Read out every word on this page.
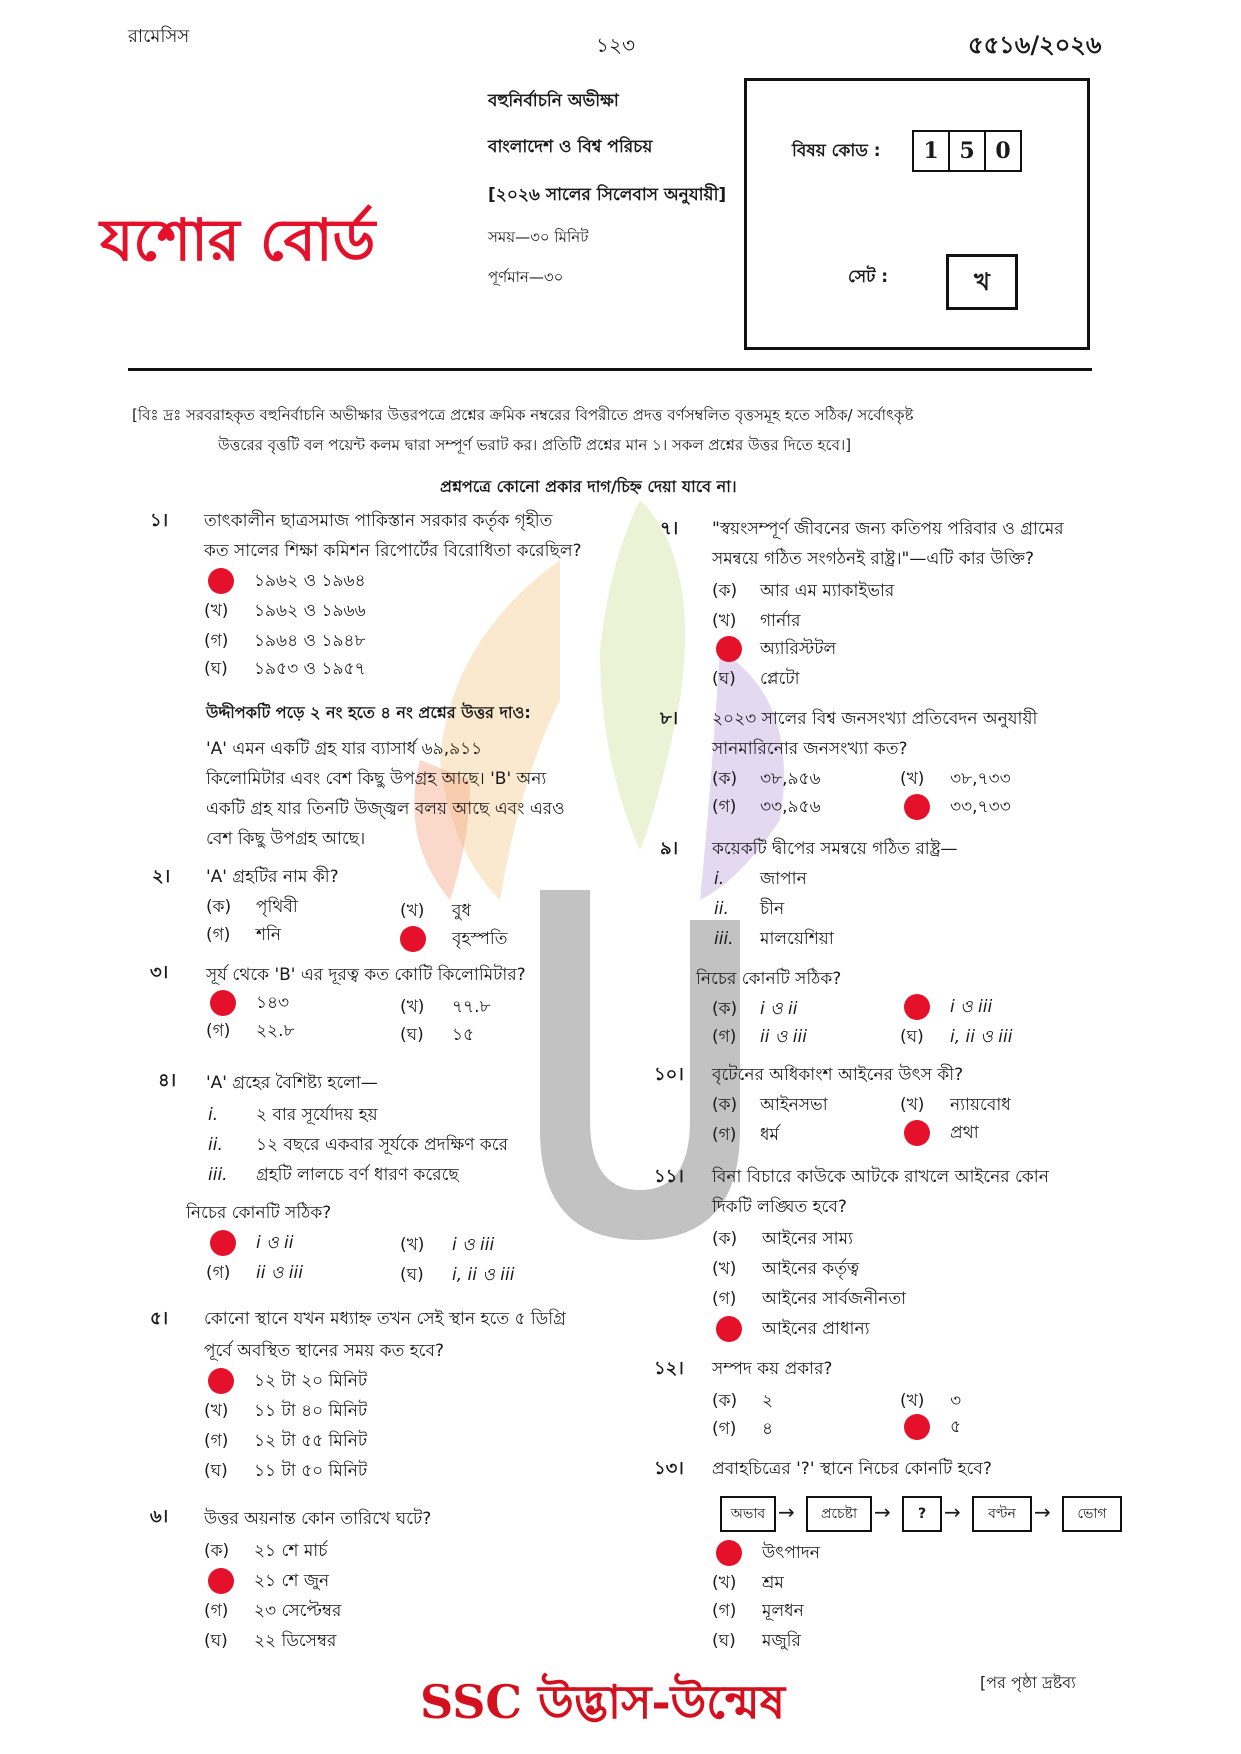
রামেসিস	১২৩	৫৫১৬/২০২৬
যশোর বোর্ড
বহুনির্বাচনি অভীক্ষা
বাংলাদেশ ও বিশ্ব পরিচয়
[২০২৬ সালের সিলেবাস অনুযায়ী]
সময়—৩০ মিনিট
পূর্ণমান—৩০
বিষয় কোড :	1 5 0
সেট :	খ
[বিঃ দ্রঃ সরবরাহকৃত বহুনির্বাচনি অভীক্ষার উত্তরপত্রে প্রশ্নের ক্রমিক নম্বরের বিপরীতে প্রদত্ত বর্ণসম্বলিত বৃত্তসমূহ হতে সঠিক/ সর্বোৎকৃষ্ট
উত্তরের বৃত্তটি বল পয়েন্ট কলম দ্বারা সম্পূর্ণ ভরাট কর। প্রতিটি প্রশ্নের মান ১। সকল প্রশ্নের উত্তর দিতে হবে।]
প্রশ্নপত্রে কোনো প্রকার দাগ/চিহ্ন দেয়া যাবে না।
১। তাৎকালীন ছাত্রসমাজ পাকিস্তান সরকার কর্তৃক গৃহীত
কত সালের শিক্ষা কমিশন রিপোর্টের বিরোধিতা করেছিল?
১৯৬২ ও ১৯৬৪
(খ) ১৯৬২ ও ১৯৬৬
(গ) ১৯৬৪ ও ১৯৪৮
(ঘ) ১৯৫৩ ও ১৯৫৭
উদ্দীপকটি পড়ে ২ নং হতে ৪ নং প্রশ্নের উত্তর দাও:
'A' এমন একটি গ্রহ যার ব্যাসার্ধ ৬৯,৯১১
কিলোমিটার এবং বেশ কিছু উপগ্রহ আছে। 'B' অন্য
একটি গ্রহ যার তিনটি উজ্জ্বল বলয় আছে এবং এরও
বেশ কিছু উপগ্রহ আছে।
২। 'A' গ্রহটির নাম কী?
(ক) পৃথিবী	(খ) বুধ
(গ) শনি	বৃহস্পতি
৩। সূর্য থেকে 'B' এর দূরত্ব কত কোটি কিলোমিটার?
১৪৩	(খ) ৭৭.৮
(গ) ২২.৮	(ঘ) ১৫
৪। 'A' গ্রহের বৈশিষ্ট্য হলো—
i. ২ বার সূর্যোদয় হয়
ii. ১২ বছরে একবার সূর্যকে প্রদক্ষিণ করে
iii. গ্রহটি লালচে বর্ণ ধারণ করেছে
নিচের কোনটি সঠিক?
i ও ii	(খ) i ও iii
(গ) ii ও iii	(ঘ) i, ii ও iii
৫। কোনো স্থানে যখন মধ্যাহ্ন তখন সেই স্থান হতে ৫ ডিগ্রি
পূর্বে অবস্থিত স্থানের সময় কত হবে?
১২ টা ২০ মিনিট
(খ) ১১ টা ৪০ মিনিট
(গ) ১২ টা ৫৫ মিনিট
(ঘ) ১১ টা ৫০ মিনিট
৬। উত্তর অয়নান্ত কোন তারিখে ঘটে?
(ক) ২১ শে মার্চ
২১ শে জুন
(গ) ২৩ সেপ্টেম্বর
(ঘ) ২২ ডিসেম্বর
৭। "স্বয়ংসম্পূর্ণ জীবনের জন্য কতিপয় পরিবার ও গ্রামের
সমন্বয়ে গঠিত সংগঠনই রাষ্ট্র।"—এটি কার উক্তি?
(ক) আর এম ম্যাকাইভার
(খ) গার্নার
অ্যারিস্টটল
(ঘ) প্লেটো
৮। ২০২৩ সালের বিশ্ব জনসংখ্যা প্রতিবেদন অনুযায়ী
সানমারিনোর জনসংখ্যা কত?
(ক) ৩৮,৯৫৬	(খ) ৩৮,৭৩৩
(গ) ৩৩,৯৫৬	৩৩,৭৩৩
৯। কয়েকটি দ্বীপের সমন্বয়ে গঠিত রাষ্ট্র—
i. জাপান
ii. চীন
iii. মালয়েশিয়া
নিচের কোনটি সঠিক?
(ক) i ও ii	i ও iii
(গ) ii ও iii	(ঘ) i, ii ও iii
১০। বৃটেনের অধিকাংশ আইনের উৎস কী?
(ক) আইনসভা	(খ) ন্যায়বোধ
(গ) ধর্ম	প্রথা
১১। বিনা বিচারে কাউকে আটকে রাখলে আইনের কোন
দিকটি লঙ্ঘিত হবে?
(ক) আইনের সাম্য
(খ) আইনের কর্তৃত্ব
(গ) আইনের সার্বজনীনতা
আইনের প্রাধান্য
১২। সম্পদ কয় প্রকার?
(ক) ২	(খ) ৩
(গ) ৪	৫
১৩। প্রবাহচিত্রের '?' স্থানে নিচের কোনটি হবে?
অভাব →	প্রচেষ্টা →	? →	বণ্টন →	ভোগ
উৎপাদন
(খ) শ্রম
(গ) মূলধন
(ঘ) মজুরি
SSC উদ্ভাস-উন্মেষ	[পর পৃষ্ঠা দ্রষ্টব্য
